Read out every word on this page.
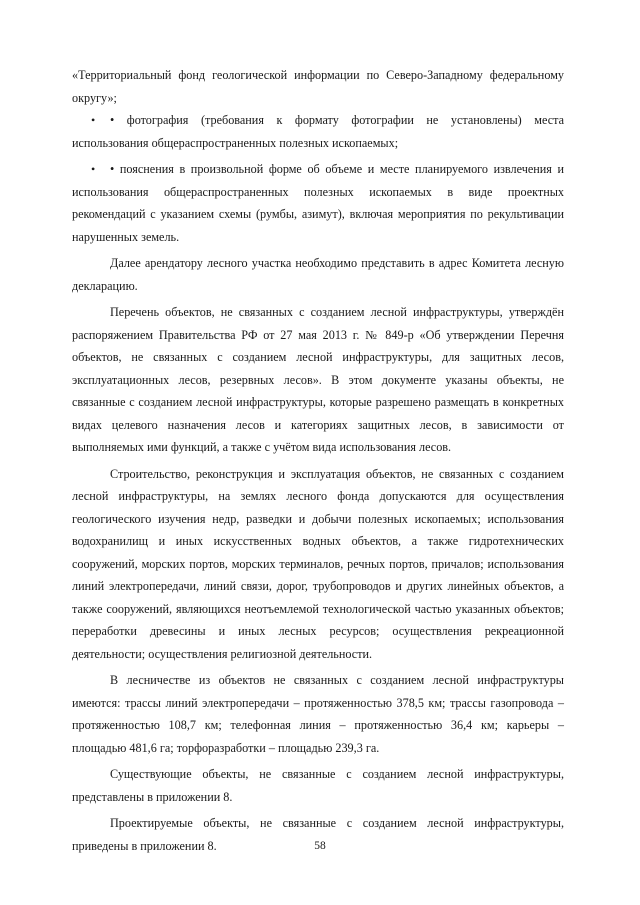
«Территориальный фонд геологической информации по Северо-Западному федеральному округу»;

• • фотография (требования к формату фотографии не установлены) места использования общераспространенных полезных ископаемых;

• • пояснения в произвольной форме об объеме и месте планируемого извлечения и использования общераспространенных полезных ископаемых в виде проектных рекомендаций с указанием схемы (румбы, азимут), включая мероприятия по рекультивации нарушенных земель.

Далее арендатору лесного участка необходимо представить в адрес Комитета лесную декларацию.

Перечень объектов, не связанных с созданием лесной инфраструктуры, утверждён распоряжением Правительства РФ от 27 мая 2013 г. № 849-р «Об утверждении Перечня объектов, не связанных с созданием лесной инфраструктуры, для защитных лесов, эксплуатационных лесов, резервных лесов». В этом документе указаны объекты, не связанные с созданием лесной инфраструктуры, которые разрешено размещать в конкретных видах целевого назначения лесов и категориях защитных лесов, в зависимости от выполняемых ими функций, а также с учётом вида использования лесов.

Строительство, реконструкция и эксплуатация объектов, не связанных с созданием лесной инфраструктуры, на землях лесного фонда допускаются для осуществления геологического изучения недр, разведки и добычи полезных ископаемых; использования водохранилищ и иных искусственных водных объектов, а также гидротехнических сооружений, морских портов, морских терминалов, речных портов, причалов; использования линий электропередачи, линий связи, дорог, трубопроводов и других линейных объектов, а также сооружений, являющихся неотъемлемой технологической частью указанных объектов; переработки древесины и иных лесных ресурсов; осуществления рекреационной деятельности; осуществления религиозной деятельности.

В лесничестве из объектов не связанных с созданием лесной инфраструктуры имеются: трассы линий электропередачи – протяженностью 378,5 км; трассы газопровода – протяженностью 108,7 км; телефонная линия – протяженностью 36,4 км; карьеры – площадью 481,6 га; торфоразработки – площадью 239,3 га.

Существующие объекты, не связанные с созданием лесной инфраструктуры, представлены в приложении 8.

Проектируемые объекты, не связанные с созданием лесной инфраструктуры, приведены в приложении 8.	58
